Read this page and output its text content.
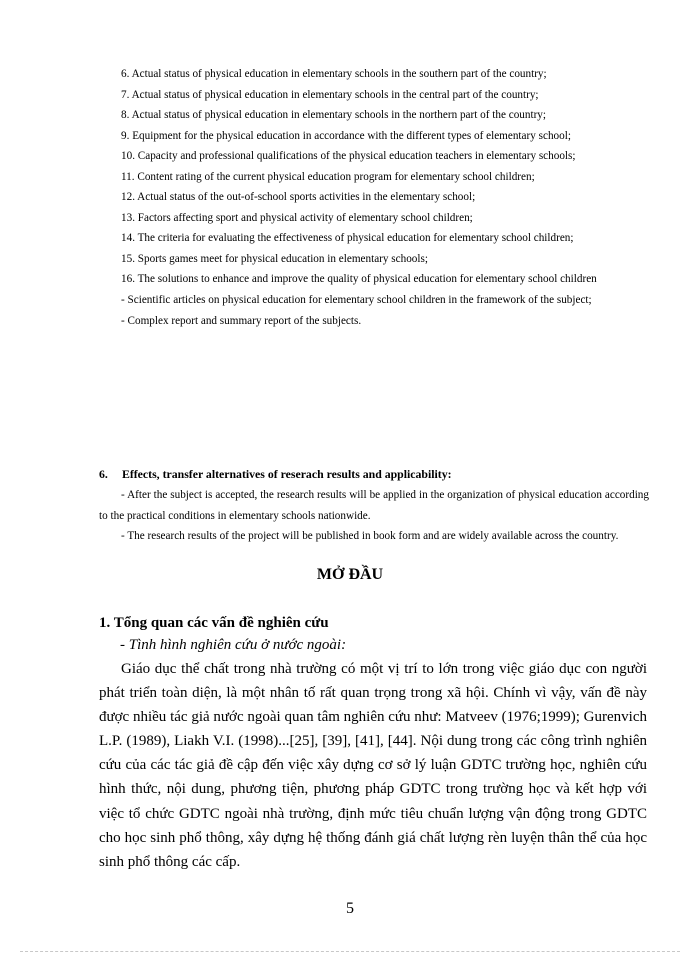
6. Actual status of physical education in elementary schools in the southern part of the country;

7. Actual status of physical education in elementary schools in the central part of the country;

8. Actual status of physical education in elementary schools in the northern part of the country;

9. Equipment for the physical education in accordance with the different types of elementary school;

10. Capacity and professional qualifications of the physical education teachers in elementary schools;

11. Content rating of the current physical education program for elementary school children;

12. Actual status of the out-of-school sports activities in the elementary school;

13. Factors affecting sport and physical activity of elementary school children;

14. The criteria for evaluating the effectiveness of physical education for elementary school children;

15. Sports games meet for physical education in elementary schools;

16. The solutions to enhance and improve the quality of physical education for elementary school children

- Scientific articles on physical education for elementary school children in the framework of the subject;

- Complex report and summary report of the subjects.

6. Effects, transfer alternatives of reserach results and applicability:

- After the subject is accepted, the research results will be applied in the organization of physical education according to the practical conditions in elementary schools nationwide.

- The research results of the project will be published in book form and are widely available across the country.

MỞ ĐẦU
1. Tổng quan các vấn đề nghiên cứu
- Tình hình nghiên cứu ở nước ngoài:

Giáo dục thể chất trong nhà trường có một vị trí to lớn trong việc giáo dục con người phát triển toàn diện, là một nhân tố rất quan trọng trong xã hội. Chính vì vậy, vấn đề này được nhiều tác giả nước ngoài quan tâm nghiên cứu như: Matveev (1976;1999); Gurenvich L.P. (1989), Liakh V.I. (1998)...[25], [39], [41], [44]. Nội dung trong các công trình nghiên cứu của các tác giả đề cập đến việc xây dựng cơ sở lý luận GDTC trường học, nghiên cứu hình thức, nội dung, phương tiện, phương pháp GDTC trong trường học và kết hợp với việc tổ chức GDTC ngoài nhà trường, định mức tiêu chuẩn lượng vận động trong GDTC cho học sinh phổ thông, xây dựng hệ thống đánh giá chất lượng rèn luyện thân thể của học sinh phổ thông các cấp.

5
